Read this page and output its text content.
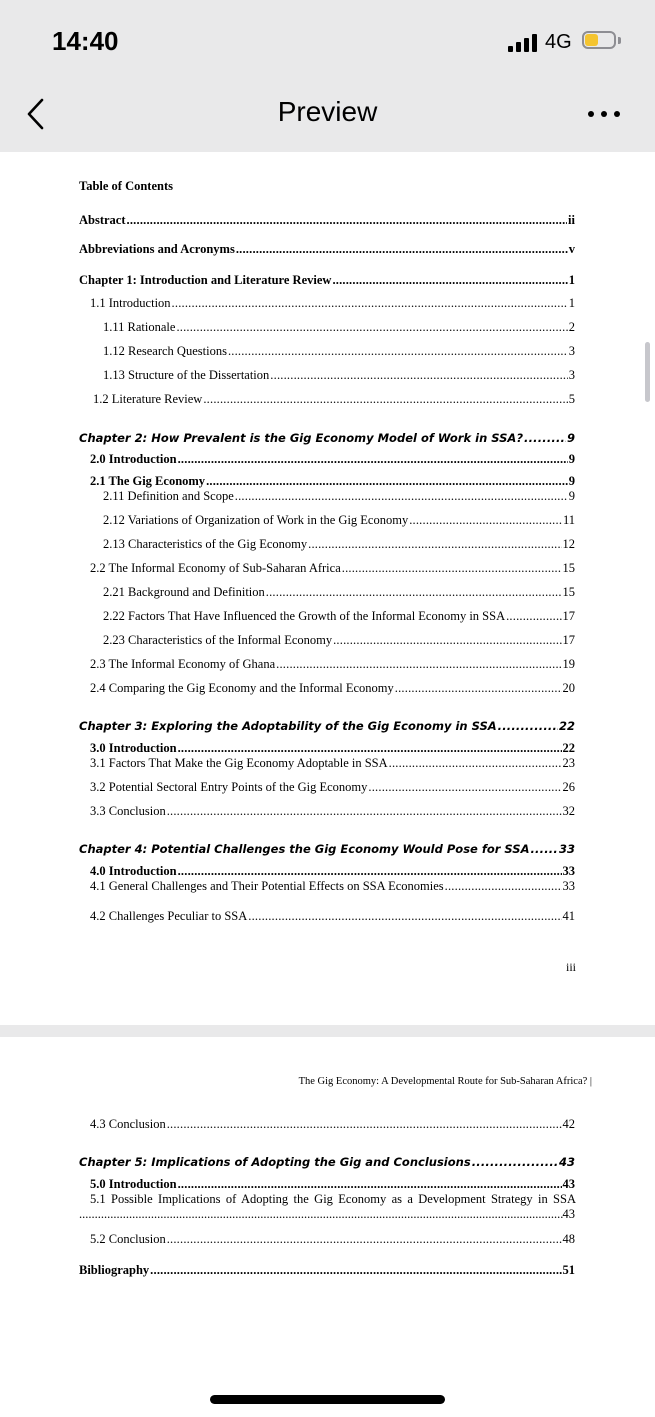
14:40	4G
Preview
Table of Contents
Abstract .....	ii
Abbreviations and Acronyms .....	v
Chapter 1: Introduction and Literature Review .....	1
1.1 Introduction .....	1
1.11 Rationale .....	2
1.12 Research Questions .....	3
1.13 Structure of the Dissertation .....	3
1.2 Literature Review .....	5
Chapter 2: How Prevalent is the Gig Economy Model of Work in SSA? .....	9
2.0 Introduction .....	9
2.1 The Gig Economy .....	9
2.11 Definition and Scope .....	9
2.12 Variations of Organization of Work in the Gig Economy .....	11
2.13 Characteristics of the Gig Economy .....	12
2.2 The Informal Economy of Sub-Saharan Africa .....	15
2.21 Background and Definition .....	15
2.22 Factors That Have Influenced the Growth of the Informal Economy in SSA .....	17
2.23 Characteristics of the Informal Economy .....	17
2.3 The Informal Economy of Ghana .....	19
2.4 Comparing the Gig Economy and the Informal Economy .....	20
Chapter 3: Exploring the Adoptability of the Gig Economy in SSA .....	22
3.0 Introduction .....	22
3.1 Factors That Make the Gig Economy Adoptable in SSA .....	23
3.2 Potential Sectoral Entry Points of the Gig Economy .....	26
3.3 Conclusion .....	32
Chapter 4: Potential Challenges the Gig Economy Would Pose for SSA .....	33
4.0 Introduction .....	33
4.1 General Challenges and Their Potential Effects on SSA Economies .....	33
4.2 Challenges Peculiar to SSA .....	41
iii
The Gig Economy: A Developmental Route for Sub-Saharan Africa? |
4.3 Conclusion .....	42
Chapter 5: Implications of Adopting the Gig and Conclusions .....	43
5.0 Introduction .....	43
5.1 Possible Implications of Adopting the Gig Economy as a Development Strategy in SSA
.....
43
5.2 Conclusion .....	48
Bibliography .....	51
